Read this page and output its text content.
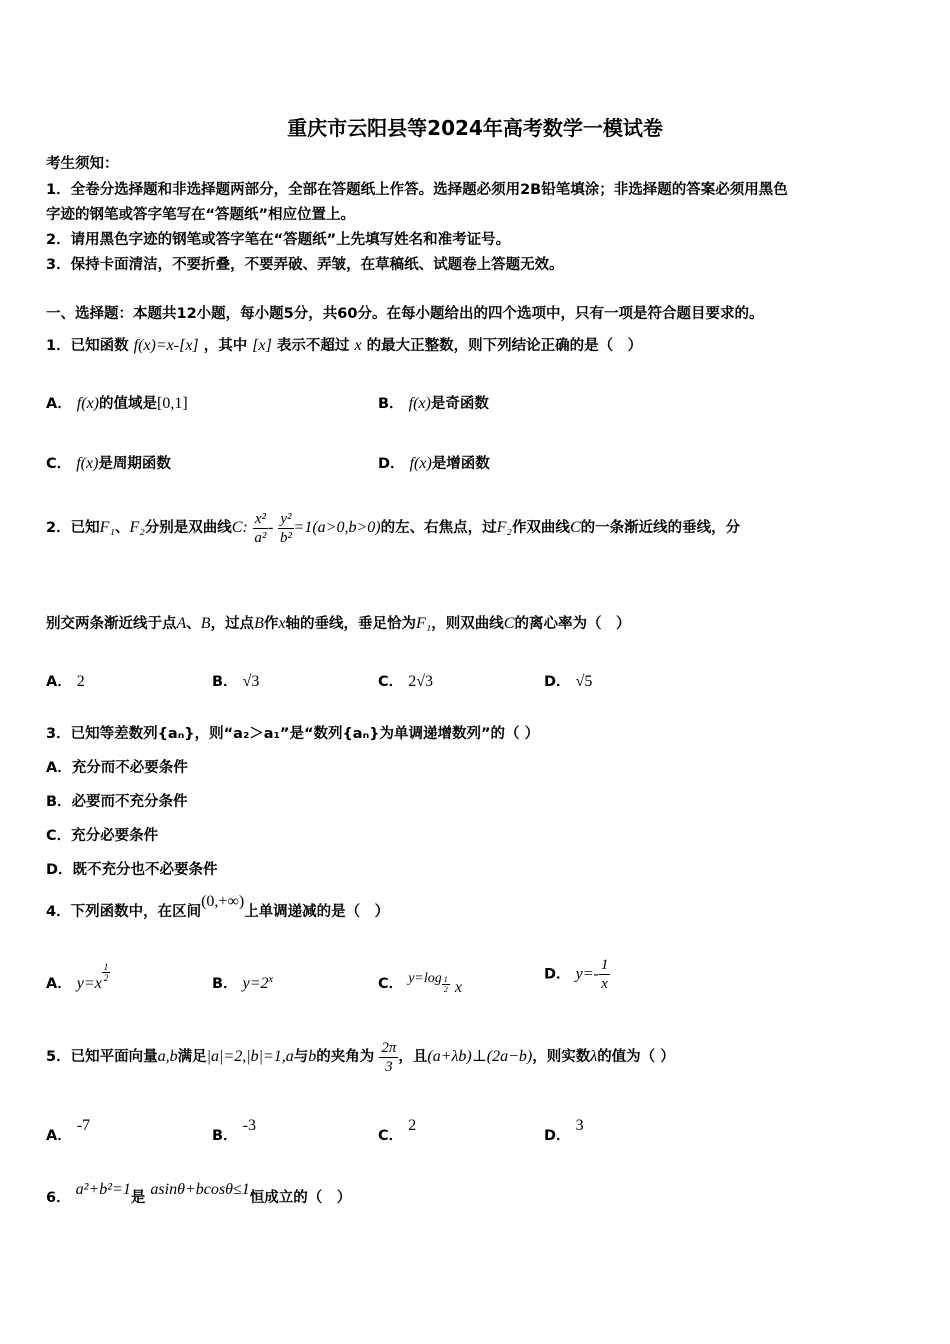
重庆市云阳县等2024年高考数学一模试卷
考生须知：
1．全卷分选择题和非选择题两部分，全部在答题纸上作答。选择题必须用2B铅笔填涂；非选择题的答案必须用黑色
字迹的钢笔或答字笔写在“答题纸”相应位置上。
2．请用黑色字迹的钢笔或答字笔在“答题纸”上先填写姓名和准考证号。
3．保持卡面清洁，不要折叠，不要弄破、弄皱，在草稿纸、试题卷上答题无效。
一、选择题：本题共12小题，每小题5分，共60分。在每小题给出的四个选项中，只有一项是符合题目要求的。
1．已知函数 f(x)=x-[x] ，其中 [x] 表示不超过 x 的最大正整数，则下列结论正确的是（　）
A． f(x)的值域是[0,1]	B． f(x)是奇函数
C． f(x)是周期函数	D． f(x)是增函数
2．已知F₁、F₂分别是双曲线C: $\frac{\text{x²}}{\text{a²}} - \frac{\text{y²}}{\text{b²}} =1(a>0,b>0)$的左、右焦点，过F₂作双曲线C的一条渐近线的垂线，分
别交两条渐近线于点A、B，过点B作x轴的垂线，垂足恰为F₁，则双曲线C的离心率为（　）
A． 2	B． √3	C． 2√3	D． √5
3．已知等差数列{aₙ}，则“a₂＞a₁”是“数列{aₙ}为单调递增数列”的（ ）
A．充分而不必要条件
B．必要而不充分条件
C．充分必要条件
D．既不充分也不必要条件
4．下列函数中，在区间(0,+∞)上单调递减的是（　）
A． y=x
$\frac{1}{2}$
B． $y=2^x$	C． $y=\log \frac{1}{2}$ x
D． $y=- \frac{1}{x}$
5．已知平面向量a,b满足|a|=2,|b|=1,a与b的夹角为 $\frac{2\pi}{3}$ ，且(a+λb)⊥(2a−b)，则实数λ的值为（ ）
A． -7
B． -3
C． 2
D． 3
6． a²+b²=1是 asinθ+bcosθ≤1恒成立的（　）
